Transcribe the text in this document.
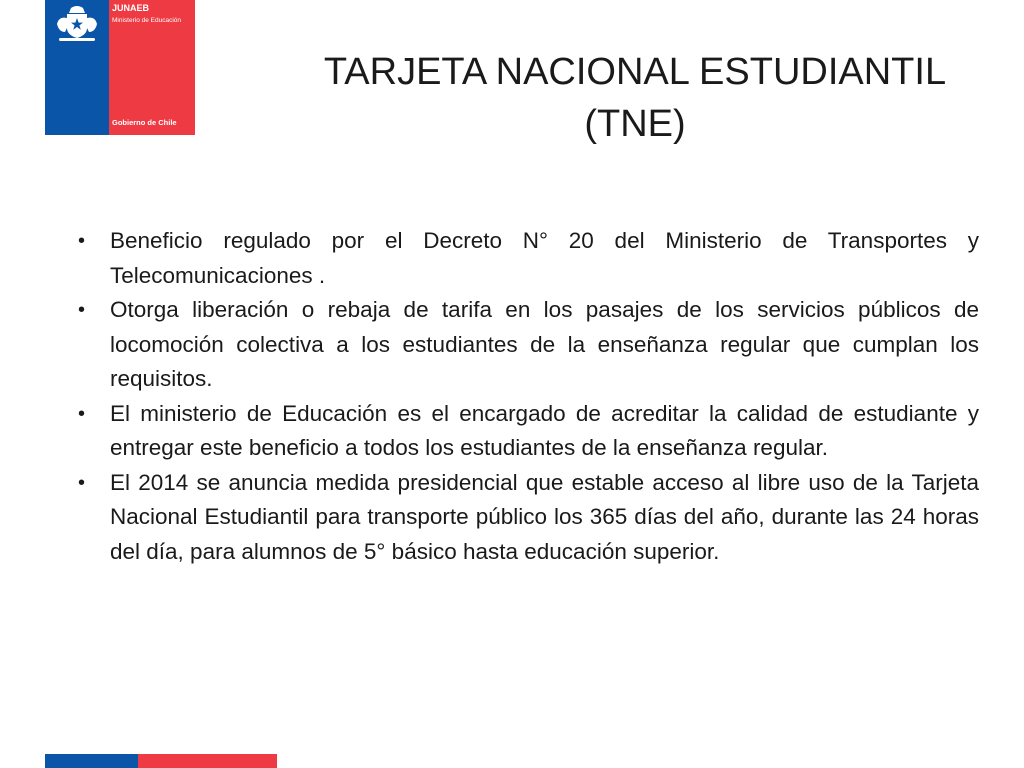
JUNAEB
Ministerio de Educación
Gobierno de Chile
TARJETA NACIONAL ESTUDIANTIL
(TNE)
•	Beneficio regulado por el Decreto N° 20 del Ministerio de Transportes y Telecomunicaciones .
•	Otorga liberación o rebaja de tarifa en los pasajes de los servicios públicos de locomoción colectiva a los estudiantes de la enseñanza regular que cumplan los requisitos.
•	El ministerio de Educación es el encargado de acreditar la calidad de estudiante y entregar este beneficio a todos los estudiantes de la enseñanza regular.
•	El 2014 se anuncia medida presidencial que estable acceso al libre uso de la Tarjeta Nacional Estudiantil para transporte público los 365 días del año, durante las 24 horas del día, para alumnos de 5° básico hasta educación superior.
